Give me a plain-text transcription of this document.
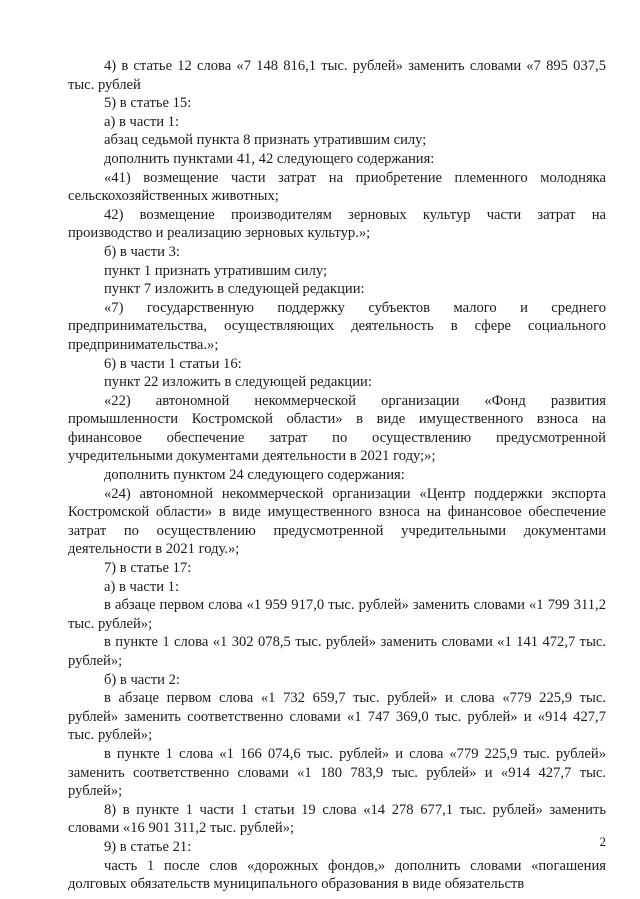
4) в статье 12 слова «7 148 816,1 тыс. рублей» заменить словами «7 895 037,5 тыс. рублей

5) в статье 15:

а) в части 1:

абзац седьмой пункта 8 признать утратившим силу;

дополнить пунктами 41, 42 следующего содержания:

«41) возмещение части затрат на приобретение племенного молодняка сельскохозяйственных животных;

42) возмещение производителям зерновых культур части затрат на производство и реализацию зерновых культур.»;

б) в части 3:

пункт 1 признать утратившим силу;

пункт 7 изложить в следующей редакции:

«7) государственную поддержку субъектов малого и среднего предпринимательства, осуществляющих деятельность в сфере социального предпринимательства.»;

6) в части 1 статьи 16:

пункт 22 изложить в следующей редакции:

«22) автономной некоммерческой организации «Фонд развития промышленности Костромской области» в виде имущественного взноса на финансовое обеспечение затрат по осуществлению предусмотренной учредительными документами деятельности в 2021 году;»;

дополнить пунктом 24 следующего содержания:

«24) автономной некоммерческой организации «Центр поддержки экспорта Костромской области» в виде имущественного взноса на финансовое обеспечение затрат по осуществлению предусмотренной учредительными документами деятельности в 2021 году.»;

7) в статье 17:

а) в части 1:

в абзаце первом слова «1 959 917,0 тыс. рублей» заменить словами «1 799 311,2 тыс. рублей»;

в пункте 1 слова «1 302 078,5 тыс. рублей» заменить словами «1 141 472,7 тыс. рублей»;

б) в части 2:

в абзаце первом слова «1 732 659,7 тыс. рублей» и слова «779 225,9 тыс. рублей» заменить соответственно словами «1 747 369,0 тыс. рублей» и «914 427,7 тыс. рублей»;

в пункте 1 слова «1 166 074,6 тыс. рублей» и слова «779 225,9 тыс. рублей» заменить соответственно словами «1 180 783,9 тыс. рублей» и «914 427,7 тыс. рублей»;

8) в пункте 1 части 1 статьи 19 слова «14 278 677,1 тыс. рублей» заменить словами «16 901 311,2 тыс. рублей»;

9) в статье 21:

часть 1 после слов «дорожных фондов,» дополнить словами «погашения долговых обязательств муниципального образования в виде обязательств

2
